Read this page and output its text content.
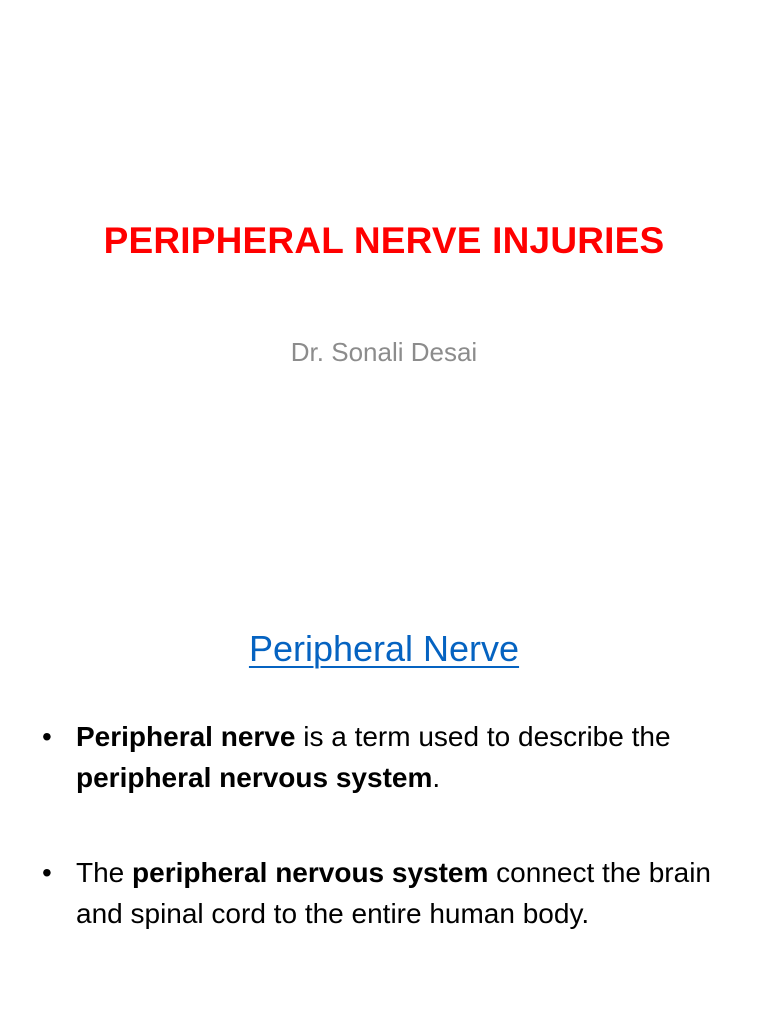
PERIPHERAL NERVE INJURIES
Dr. Sonali Desai
Peripheral Nerve
• Peripheral nerve is a term used to describe the peripheral nervous system.
• The peripheral nervous system connect the brain and spinal cord to the entire human body.
